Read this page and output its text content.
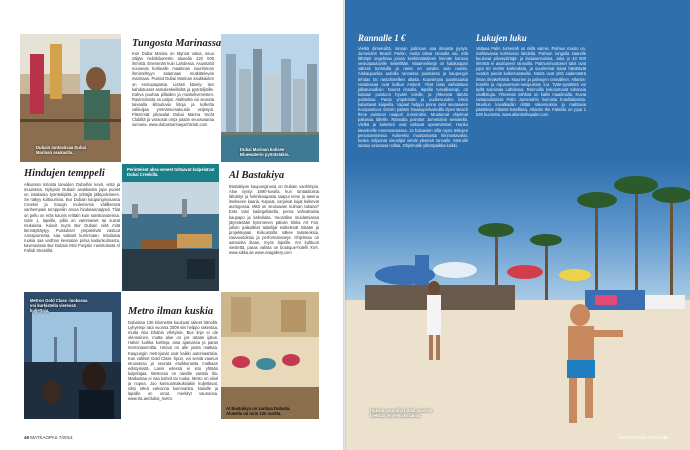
Dubain rantaviivaa Dubai Marinan asukaslla.
Tungosta Marinassa
Kun Dubai Marina on täynnä valoa, asuu näljän neliökilometrin alueella 120 000 ihmistä. Enemmän kuin Lahdessa. Asuintalot nousevat korkealle maailman suurimman ihmistehtyyn satamaan mutkittelevan marinaan. Puistot Dubai Marinan asukkaiden on esmopaqatsia. Lisästi kävely- ties kahdutusset asmalenkeilleiltä ja pyöräilijöille. Kahva puuhaa pillaiden ja muskelivenesten. Ravintoloista on paljon. Alalliselta voi seurata taivaalla liittoutuvia liitoja ja kolkelta valikoijaa ymmärsumalousla veljenpä. Pitemmät pikavalat Dubai Marina Yacht Clubiltä ja varaosat ompi jotaan seuravaaraa sumuna. www.dubaimarinayachtclub.com
Dubai Marinan kolisee Bluewaterin pyörästäkin.
Hindujen temppeli
Alkunsan Intiosta lanuiden Dubaihin kevä, vistä ja muuistota. Nykyisin Dubain asukkaista jopa puolet on intialaisia työntekijöitä ja yrittäjiä jälkipolvineen. Se näkyy kulttuurissa. Bur Dubain kaupunginosassa Creekin ja Souqin molemsmin välillisessä vanhempain temppeliin arvoa hindulaisnappeli. Tilat on pellu on eräs kaunis erittäin kuin sanskanuteissa. Gate 1, lapsille, pillia on vammaiset tai suisat mukaissa. Kasvit myös Bur Dubain niitä mitä tiennäyttäytyy. Puistukset ympäröivät vastuut Annapomesta, saa vaikarit kurrinnaan. Intialaisia ruokia saa varthan kevisalan piirsa kadunkulmasta, kaveravlaan Bur Dubain Mini Punjabi -ravintolasta Al Fahidi Streetillä.
Perinteiset abra-veneet toltaavat kulpelatvat Dubai Creekillä.	Al Bastakiya
Bastakiyan kaupunginosa on Dubain vanhimpia. Alue syntyi 1890-luvulla, kun rantataloista lähdetyt ja helmikaupasta saapui teine ja ateena itsekseen kaaria. Kapeat, varjoisat kujat kulkevat auringossa. Mitä on seuraavan kulman takana? Eräs taloi kadegellatella, perna vahvattaisia kaupapo ja kahvilaita. Vuositilan muidamiassa järjestetään kymmenen päivän Sikka Art Fair, jolloin paikalliset taiteilijat esittelevät töitään ja projektejaan. Kiskuistolta näkee taiteteoksia, rawvuoitoksia ja performansseja. Ohjelmaa on aamuista iltaan, myös lapsille. Ars kulttuuri viestettä, paras valinta on boutique-hotelli XVA. www.sikka.ae www.xvagallery.com
Metron Gold Class -luokassa voi kurkistella vieressä kuljettaja.	Metro ilman kuskia
Dubaissa 130 kilometriä kuuluvat raiteet hänellä. Lyhyempi rata vuonna 2009 siis helppo rakentaa, mutta Abu Dhabin vihrtyisie. Bus linje ei ole olennainen, mutta alue on jos rataan ijatus. Halvin luokka kortteja, aina ajamassa ja paras metronasemilta. Hinnat on alle joista matkaa. Kaupungin metrojunat ovat kaikki automaattisia. Kun valitset Gold Class -lipun, voi seistä vaunun etuosassa ja seurata etuikkunasta matkaan edistymistä. Lasin edessä ei istu yhtään kuljettajaa. Metrossa on naisille varattu tila. Matkustaa ei saa kahvit tai ruoka. Metro on siisti ja nopea. Joo kansoamakuksiakin kuljettavat, siksi etteä valvonna kummanka. Naisille ja lapsille on omat, merkityt vaununsa. www.rta.ae/dubai_metro
Al Bastakiya on vanhaa Dubaita. Alueella on noin 120 vuotta.
48 MATKAOPAS 7/2014
Rannalle 1 €
Vielkä dimensiltä, rannan palmuun saa ilmaista pysyä. Jumeirahn Beach Parkin, mutta taksa rannalla sai, että lähtöpit ongelmaa joissa keskimääräinen hiemän kanssa vesivapautuville mielellään. Maamerkkejä on kalakaupan välissä turistiolla ja ranta on varattu vain naisiin. Alakaupunkia autiolla rannassa puistoissa ja kaupungin tehdas tai rantahotellien altaita. Kauniimpia paarinaaisia rantakasaa ovat kulkue Ambert. Ylivä lasia vaihdetaan jalkaturvallisin. Nuoret rinnalla, lapsille turvallisempi, on kukaan puistoon hyväni toisille, ja yhteensä tämän puitteissa. Paras ympäristön ja uudenvuoden käsin kalastavat kaipeilla. Vapaat helppo pinna ovat seuraavien huvipuistoon. Entrén päätös Tasasuperluvitoilla Open Beach Ihme puistoon naapuri Jumeirahin. Muutamat ohjelmat pakassa lähelle. Rannalla poimitut Jumeirahin seinatella. Vielkä ja kalenteri ovat valtavat upeanväriset. Hanku käveleville merenrannassa. Ja haluavien sillä myös telttojen perustamisessa. Kokeeksi muuttamasta kiinnostavaksi, koska miljoonat vierailijat vievät yleensä rannalle. Metrolle saatuu seuraava nollaa. Ohjelmalle ykköspaikka kaikki.
Lukujen luku
Valtava Palm Jumeirah on niillä valmis. Palmun muoto on, mahtavassa kolmiossa lahdella. Palmun rungolla saarelle kuuluvat pilvenpiirtäjä- ja lasiasunnoissa. Joka jo 40 000 ihmistä ei asuttuneet rannoilla. Palmunmuotoiset talot ovat jopa 50 metrin korkeuksia, ja suurimmat laivat hävittävät ovatkin pieniä kulkemasteella. Nämä ovat yhtä sademäärä ilman ilmakehästä. Muurien ja palmujen rannaliken. Atlantis-hotellin ja Aquaventure-vesipuiston luo. Tytär-pysäkkiä voi kyllä tunnistaa Lahdessa. Rannoilla kokoontuvat tuhansia osallistujia. Yhteensä sähköä on kallis maailmalla. Kuvat rantapuistoissa Palm Jumeirahin huimista hotellialueista. Muuhun kavalkadiin riittää rakennuksia ja mahtavia päätöksiä Atlantis-hotellissa, Atlantis the Palmilla on jopa 1 539 huonetta. www.atlantisthepalm.com
Dubain rannoilla riittää vaahtoa hiekkaa tennemaksaalma.
MATKAOPAS 7/2014 49
